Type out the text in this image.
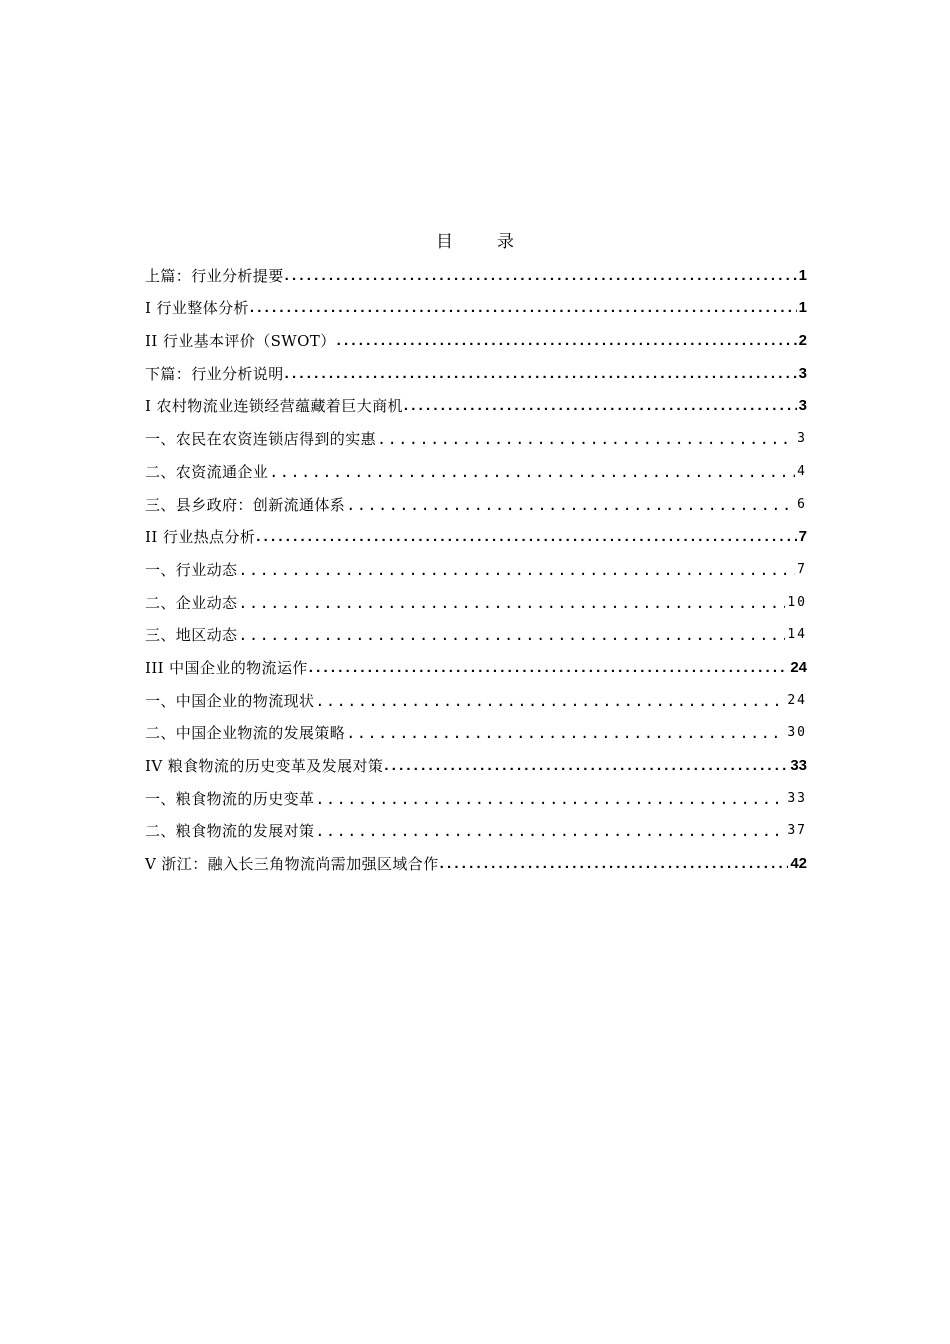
目录
上篇：行业分析提要 .....	1
I 行业整体分析 .....	1
II 行业基本评价（SWOT） .....	2
下篇：行业分析说明 .....	3
I 农村物流业连锁经营蕴藏着巨大商机 .....	3
一、农民在农资连锁店得到的实惠 .....	3
二、农资流通企业 .....	4
三、县乡政府：创新流通体系 .....	6
II 行业热点分析 .....	7
一、行业动态 .....	7
二、企业动态 .....	10
三、地区动态 .....	14
III 中国企业的物流运作 .....	24
一、中国企业的物流现状 .....	24
二、中国企业物流的发展策略 .....	30
IV 粮食物流的历史变革及发展对策 .....	33
一、粮食物流的历史变革 .....	33
二、粮食物流的发展对策 .....	37
V 浙江：融入长三角物流尚需加强区域合作 .....	42
